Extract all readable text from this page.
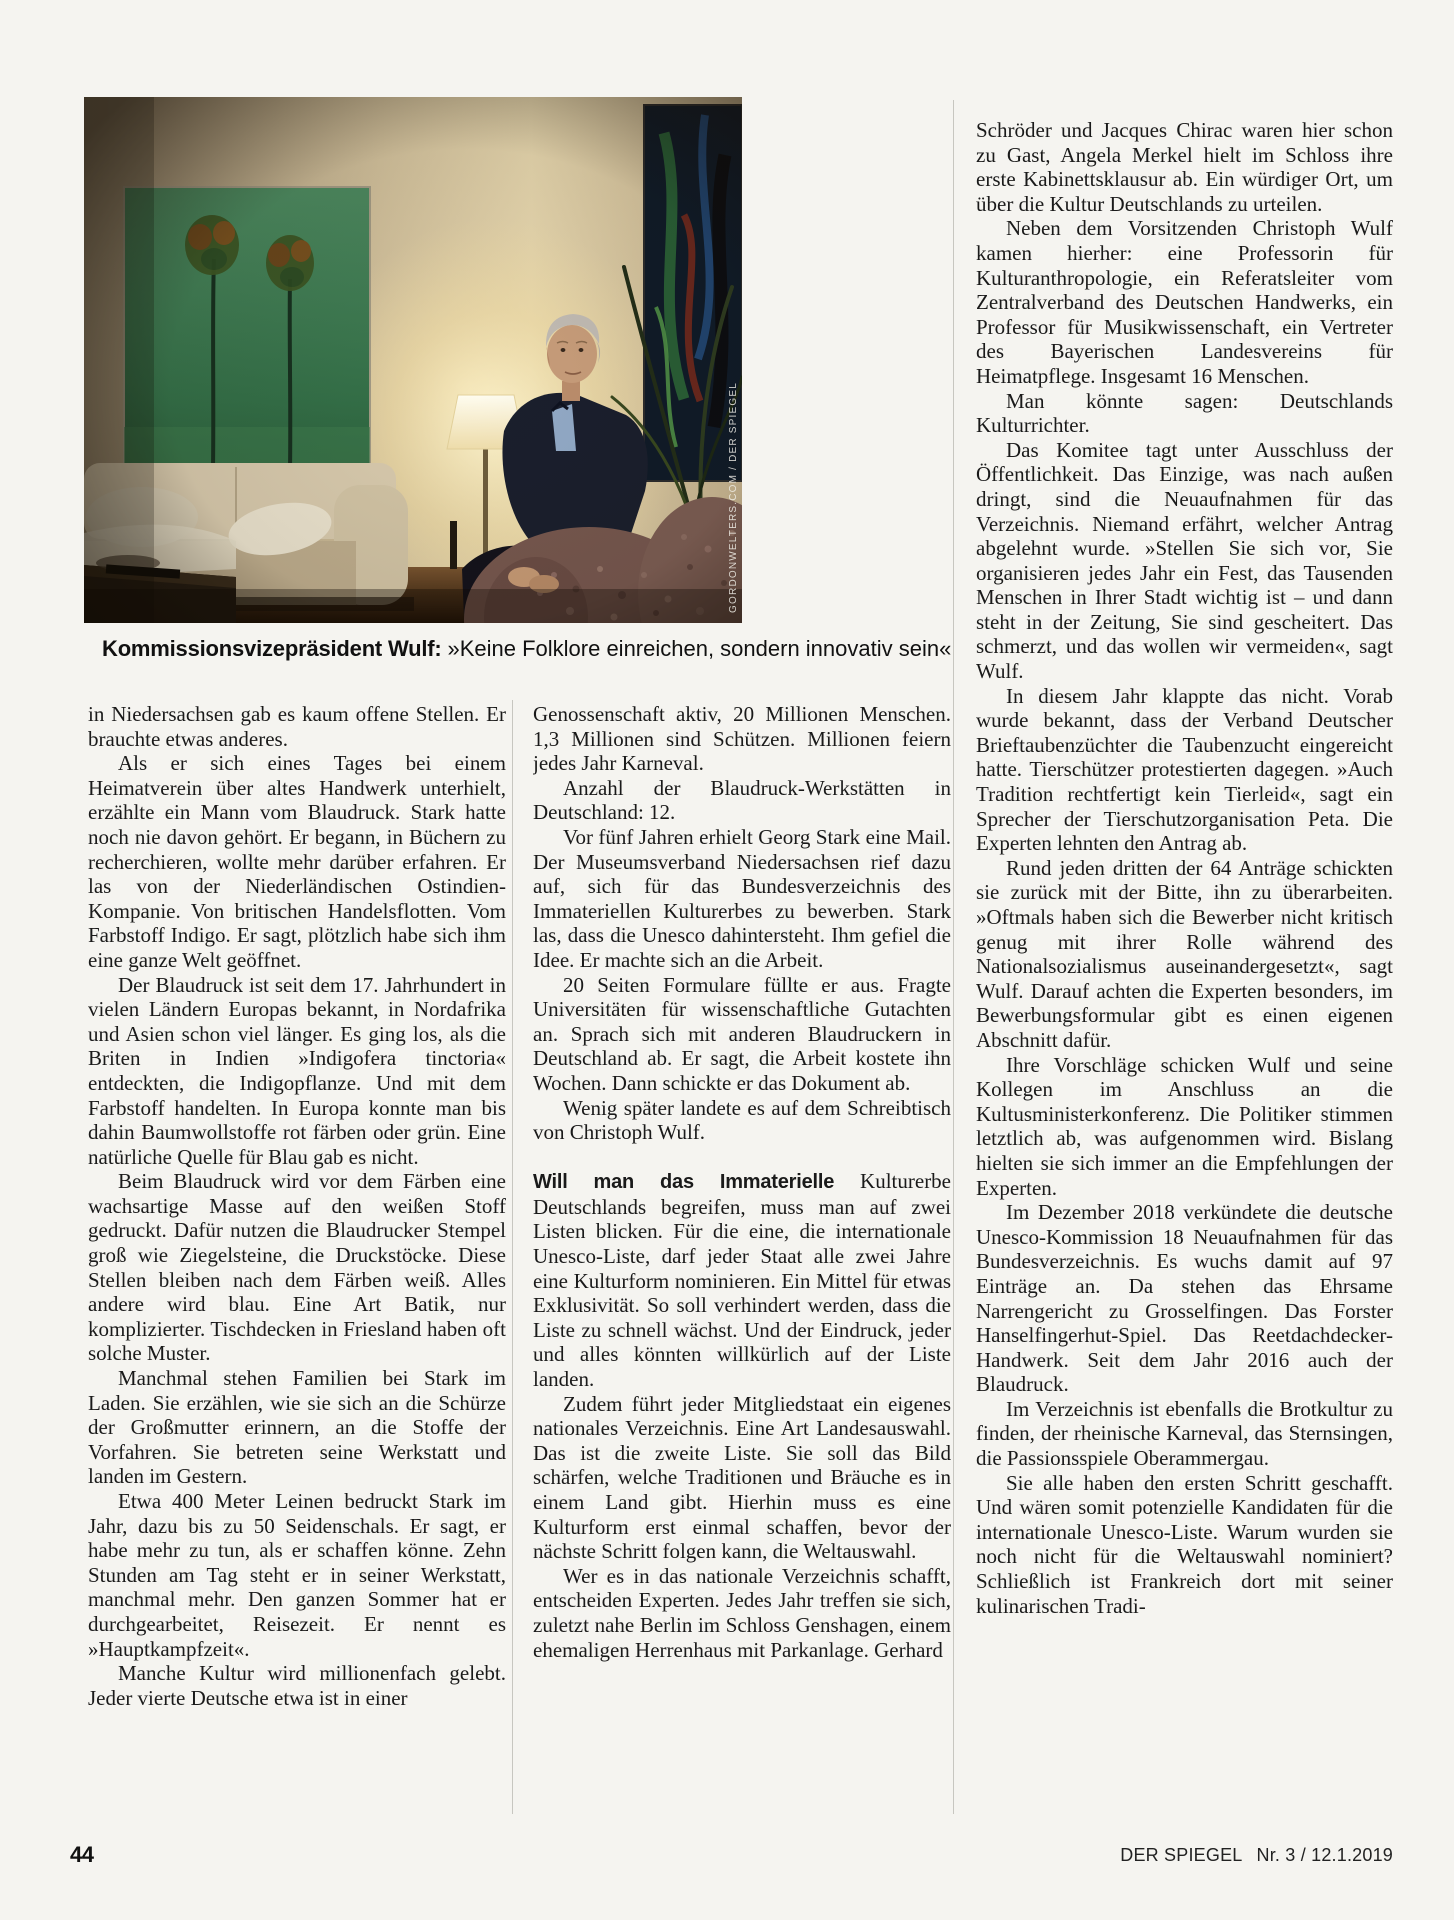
GORDONWELTERS.COM / DER SPIEGEL
Kommissionsvizepräsident Wulf: »Keine Folklore einreichen, sondern innovativ sein«

in Niedersachsen gab es kaum offene Stellen. Er brauchte etwas anderes.

Als er sich eines Tages bei einem Heimatverein über altes Handwerk unterhielt, erzählte ein Mann vom Blaudruck. Stark hatte noch nie davon gehört. Er begann, in Büchern zu recherchieren, wollte mehr darüber erfahren. Er las von der Niederländischen Ostindien-Kompanie. Von britischen Handelsflotten. Vom Farbstoff Indigo. Er sagt, plötzlich habe sich ihm eine ganze Welt geöffnet.

Der Blaudruck ist seit dem 17. Jahrhundert in vielen Ländern Europas bekannt, in Nordafrika und Asien schon viel länger. Es ging los, als die Briten in Indien »Indigofera tinctoria« entdeckten, die Indigopflanze. Und mit dem Farbstoff handelten. In Europa konnte man bis dahin Baumwollstoffe rot färben oder grün. Eine natürliche Quelle für Blau gab es nicht.

Beim Blaudruck wird vor dem Färben eine wachsartige Masse auf den weißen Stoff gedruckt. Dafür nutzen die Blaudrucker Stempel groß wie Ziegelsteine, die Druckstöcke. Diese Stellen bleiben nach dem Färben weiß. Alles andere wird blau. Eine Art Batik, nur komplizierter. Tischdecken in Friesland haben oft solche Muster.

Manchmal stehen Familien bei Stark im Laden. Sie erzählen, wie sie sich an die Schürze der Großmutter erinnern, an die Stoffe der Vorfahren. Sie betreten seine Werkstatt und landen im Gestern.

Etwa 400 Meter Leinen bedruckt Stark im Jahr, dazu bis zu 50 Seidenschals. Er sagt, er habe mehr zu tun, als er schaffen könne. Zehn Stunden am Tag steht er in seiner Werkstatt, manchmal mehr. Den ganzen Sommer hat er durchgearbeitet, Reisezeit. Er nennt es »Hauptkampfzeit«.

Manche Kultur wird millionenfach gelebt. Jeder vierte Deutsche etwa ist in einer

Genossenschaft aktiv, 20 Millionen Menschen. 1,3 Millionen sind Schützen. Millionen feiern jedes Jahr Karneval.

Anzahl der Blaudruck-Werkstätten in Deutschland: 12.

Vor fünf Jahren erhielt Georg Stark eine Mail. Der Museumsverband Niedersachsen rief dazu auf, sich für das Bundesverzeichnis des Immateriellen Kulturerbes zu bewerben. Stark las, dass die Unesco dahintersteht. Ihm gefiel die Idee. Er machte sich an die Arbeit.

20 Seiten Formulare füllte er aus. Fragte Universitäten für wissenschaftliche Gutachten an. Sprach sich mit anderen Blaudruckern in Deutschland ab. Er sagt, die Arbeit kostete ihn Wochen. Dann schickte er das Dokument ab.

Wenig später landete es auf dem Schreibtisch von Christoph Wulf.

Will man das Immaterielle Kulturerbe Deutschlands begreifen, muss man auf zwei Listen blicken. Für die eine, die internationale Unesco-Liste, darf jeder Staat alle zwei Jahre eine Kulturform nominieren. Ein Mittel für etwas Exklusivität. So soll verhindert werden, dass die Liste zu schnell wächst. Und der Eindruck, jeder und alles könnten willkürlich auf der Liste landen.

Zudem führt jeder Mitgliedstaat ein eigenes nationales Verzeichnis. Eine Art Landesauswahl. Das ist die zweite Liste. Sie soll das Bild schärfen, welche Traditionen und Bräuche es in einem Land gibt. Hierhin muss es eine Kulturform erst einmal schaffen, bevor der nächste Schritt folgen kann, die Weltauswahl.

Wer es in das nationale Verzeichnis schafft, entscheiden Experten. Jedes Jahr treffen sie sich, zuletzt nahe Berlin im Schloss Genshagen, einem ehemaligen Herrenhaus mit Parkanlage. Gerhard

Schröder und Jacques Chirac waren hier schon zu Gast, Angela Merkel hielt im Schloss ihre erste Kabinettsklausur ab. Ein würdiger Ort, um über die Kultur Deutschlands zu urteilen.

Neben dem Vorsitzenden Christoph Wulf kamen hierher: eine Professorin für Kulturanthropologie, ein Referatsleiter vom Zentralverband des Deutschen Handwerks, ein Professor für Musikwissenschaft, ein Vertreter des Bayerischen Landesvereins für Heimatpflege. Insgesamt 16 Menschen.

Man könnte sagen: Deutschlands Kulturrichter.

Das Komitee tagt unter Ausschluss der Öffentlichkeit. Das Einzige, was nach außen dringt, sind die Neuaufnahmen für das Verzeichnis. Niemand erfährt, welcher Antrag abgelehnt wurde. »Stellen Sie sich vor, Sie organisieren jedes Jahr ein Fest, das Tausenden Menschen in Ihrer Stadt wichtig ist – und dann steht in der Zeitung, Sie sind gescheitert. Das schmerzt, und das wollen wir vermeiden«, sagt Wulf.

In diesem Jahr klappte das nicht. Vorab wurde bekannt, dass der Verband Deutscher Brieftaubenzüchter die Taubenzucht eingereicht hatte. Tierschützer protestierten dagegen. »Auch Tradition rechtfertigt kein Tierleid«, sagt ein Sprecher der Tierschutzorganisation Peta. Die Experten lehnten den Antrag ab.

Rund jeden dritten der 64 Anträge schickten sie zurück mit der Bitte, ihn zu überarbeiten. »Oftmals haben sich die Bewerber nicht kritisch genug mit ihrer Rolle während des Nationalsozialismus auseinandergesetzt«, sagt Wulf. Darauf achten die Experten besonders, im Bewerbungsformular gibt es einen eigenen Abschnitt dafür.

Ihre Vorschläge schicken Wulf und seine Kollegen im Anschluss an die Kultusministerkonferenz. Die Politiker stimmen letztlich ab, was aufgenommen wird. Bislang hielten sie sich immer an die Empfehlungen der Experten.

Im Dezember 2018 verkündete die deutsche Unesco-Kommission 18 Neuaufnahmen für das Bundesverzeichnis. Es wuchs damit auf 97 Einträge an. Da stehen das Ehrsame Narrengericht zu Grosselfingen. Das Forster Hanselfingerhut-Spiel. Das Reetdachdecker-Handwerk. Seit dem Jahr 2016 auch der Blaudruck.

Im Verzeichnis ist ebenfalls die Brotkultur zu finden, der rheinische Karneval, das Sternsingen, die Passionsspiele Oberammergau.

Sie alle haben den ersten Schritt geschafft. Und wären somit potenzielle Kandidaten für die internationale Unesco-Liste. Warum wurden sie noch nicht für die Weltauswahl nominiert? Schließlich ist Frankreich dort mit seiner kulinarischen Tradi-

44	DER SPIEGEL Nr. 3 / 12.1.2019
